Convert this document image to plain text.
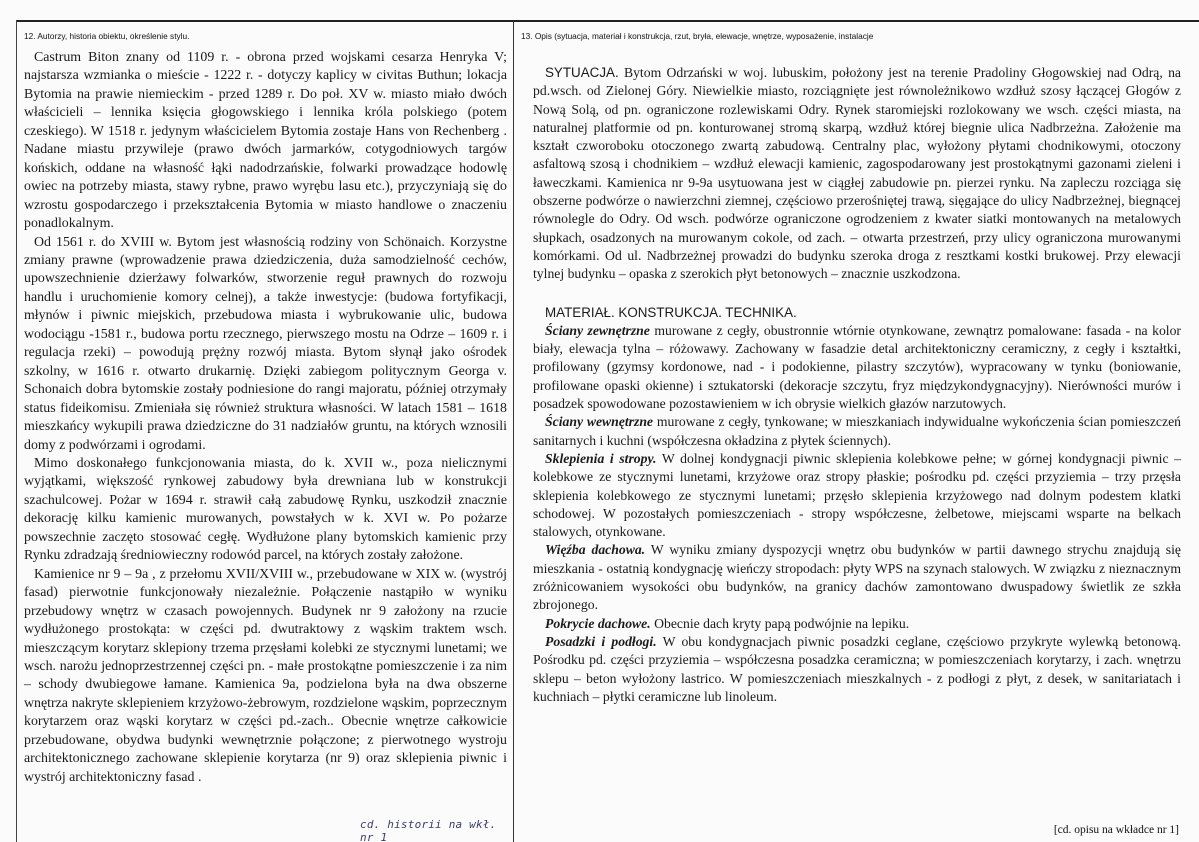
12. Autorzy, historia obiektu, określenie stylu.

Castrum Biton znany od 1109 r. - obrona przed wojskami cesarza Henryka V; najstarsza wzmianka o mieście - 1222 r. - dotyczy kaplicy w civitas Buthun; lokacja Bytomia na prawie niemieckim - przed 1289 r. Do poł. XV w. miasto miało dwóch właścicieli – lennika księcia głogowskiego i lennika króla polskiego (potem czeskiego). W 1518 r. jedynym właścicielem Bytomia zostaje Hans von Rechenberg . Nadane miastu przywileje (prawo dwóch jarmarków, cotygodniowych targów końskich, oddane na własność łąki nadodrzańskie, folwarki prowadzące hodowlę owiec na potrzeby miasta, stawy rybne, prawo wyrębu lasu etc.), przyczyniają się do wzrostu gospodarczego i przekształcenia Bytomia w miasto handlowe o znaczeniu ponadlokalnym.

Od 1561 r. do XVIII w. Bytom jest własnością rodziny von Schönaich. Korzystne zmiany prawne (wprowadzenie prawa dziedziczenia, duża samodzielność cechów, upowszechnienie dzierżawy folwarków, stworzenie reguł prawnych do rozwoju handlu i uruchomienie komory celnej), a także inwestycje: (budowa fortyfikacji, młynów i piwnic miejskich, przebudowa miasta i wybrukowanie ulic, budowa wodociągu -1581 r., budowa portu rzecznego, pierwszego mostu na Odrze – 1609 r. i regulacja rzeki) – powodują prężny rozwój miasta. Bytom słynął jako ośrodek szkolny, w 1616 r. otwarto drukarnię. Dzięki zabiegom politycznym Georga v. Schonaich dobra bytomskie zostały podniesione do rangi majoratu, później otrzymały status fideikomisu. Zmieniała się również struktura własności. W latach 1581 – 1618 mieszkańcy wykupili prawa dziedziczne do 31 nadziałów gruntu, na których wznosili domy z podwórzami i ogrodami.

Mimo doskonałego funkcjonowania miasta, do k. XVII w., poza nielicznymi wyjątkami, większość rynkowej zabudowy była drewniana lub w konstrukcji szachulcowej. Pożar w 1694 r. strawił całą zabudowę Rynku, uszkodził znacznie dekorację kilku kamienic murowanych, powstałych w k. XVI w. Po pożarze powszechnie zaczęto stosować cegłę. Wydłużone plany bytomskich kamienic przy Rynku zdradzają średniowieczny rodowód parcel, na których zostały założone.

Kamienice nr 9 – 9a , z przełomu XVII/XVIII w., przebudowane w XIX w. (wystrój fasad) pierwotnie funkcjonowały niezależnie. Połączenie nastąpiło w wyniku przebudowy wnętrz w czasach powojennych. Budynek nr 9 założony na rzucie wydłużonego prostokąta: w części pd. dwutraktowy z wąskim traktem wsch. mieszczącym korytarz sklepiony trzema przęsłami kolebki ze stycznymi lunetami; we wsch. narożu jednoprzestrzennej części pn. - małe prostokątne pomieszczenie i za nim – schody dwubiegowe łamane. Kamienica 9a, podzielona była na dwa obszerne wnętrza nakryte sklepieniem krzyżowo-żebrowym, rozdzielone wąskim, poprzecznym korytarzem oraz wąski korytarz w części pd.-zach.. Obecnie wnętrze całkowicie przebudowane, obydwa budynki wewnętrznie połączone; z pierwotnego wystroju architektonicznego zachowane sklepienie korytarza (nr 9) oraz sklepienia piwnic i wystrój architektoniczny fasad .

cd. historii na wkł. nr 1
13. Opis (sytuacja, materiał i konstrukcja, rzut, bryła, elewacje, wnętrze, wyposażenie, instalacje

SYTUACJA. Bytom Odrzański w woj. lubuskim, położony jest na terenie Pradoliny Głogowskiej nad Odrą, na pd.wsch. od Zielonej Góry. Niewielkie miasto, rozciągnięte jest równoleżnikowo wzdłuż szosy łączącej Głogów z Nową Solą, od pn. ograniczone rozlewiskami Odry. Rynek staromiejski rozlokowany we wsch. części miasta, na naturalnej platformie od pn. konturowanej stromą skarpą, wzdłuż której biegnie ulica Nadbrzeżna. Założenie ma kształt czworoboku otoczonego zwartą zabudową. Centralny plac, wyłożony płytami chodnikowymi, otoczony asfaltową szosą i chodnikiem – wzdłuż elewacji kamienic, zagospodarowany jest prostokątnymi gazonami zieleni i ławeczkami. Kamienica nr 9-9a usytuowana jest w ciągłej zabudowie pn. pierzei rynku. Na zapleczu rozciąga się obszerne podwórze o nawierzchni ziemnej, częściowo przerośniętej trawą, sięgające do ulicy Nadbrzeżnej, biegnącej równolegle do Odry. Od wsch. podwórze ograniczone ogrodzeniem z kwater siatki montowanych na metalowych słupkach, osadzonych na murowanym cokole, od zach. – otwarta przestrzeń, przy ulicy ograniczona murowanymi komórkami. Od ul. Nadbrzeżnej prowadzi do budynku szeroka droga z resztkami kostki brukowej. Przy elewacji tylnej budynku – opaska z szerokich płyt betonowych – znacznie uszkodzona.

MATERIAŁ. KONSTRUKCJA. TECHNIKA.

Ściany zewnętrzne murowane z cegły, obustronnie wtórnie otynkowane, zewnątrz pomalowane: fasada - na kolor biały, elewacja tylna – różowawy. Zachowany w fasadzie detal architektoniczny ceramiczny, z cegły i kształtki, profilowany (gzymsy kordonowe, nad - i podokienne, pilastry szczytów), wypracowany w tynku (boniowanie, profilowane opaski okienne) i sztukatorski (dekoracje szczytu, fryz międzykondygnacyjny). Nierówności murów i posadzek spowodowane pozostawieniem w ich obrysie wielkich głazów narzutowych.

Ściany wewnętrzne murowane z cegły, tynkowane; w mieszkaniach indywidualne wykończenia ścian pomieszczeń sanitarnych i kuchni (współczesna okładzina z płytek ściennych).

Sklepienia i stropy. W dolnej kondygnacji piwnic sklepienia kolebkowe pełne; w górnej kondygnacji piwnic – kolebkowe ze stycznymi lunetami, krzyżowe oraz stropy płaskie; pośrodku pd. części przyziemia – trzy przęsła sklepienia kolebkowego ze stycznymi lunetami; przęsło sklepienia krzyżowego nad dolnym podestem klatki schodowej. W pozostałych pomieszczeniach - stropy współczesne, żelbetowe, miejscami wsparte na belkach stalowych, otynkowane.

Więźba dachowa. W wyniku zmiany dyspozycji wnętrz obu budynków w partii dawnego strychu znajdują się mieszkania - ostatnią kondygnację wieńczy stropodach: płyty WPS na szynach stalowych. W związku z nieznacznym zróżnicowaniem wysokości obu budynków, na granicy dachów zamontowano dwuspadowy świetlik ze szkła zbrojonego.

Pokrycie dachowe. Obecnie dach kryty papą podwójnie na lepiku.

Posadzki i podłogi. W obu kondygnacjach piwnic posadzki ceglane, częściowo przykryte wylewką betonową. Pośrodku pd. części przyziemia – współczesna posadzka ceramiczna; w pomieszczeniach korytarzy, i zach. wnętrzu sklepu – beton wyłożony lastrico. W pomieszczeniach mieszkalnych - z podłogi z płyt, z desek, w sanitariatach i kuchniach – płytki ceramiczne lub linoleum.

[cd. opisu na wkładce nr 1]
